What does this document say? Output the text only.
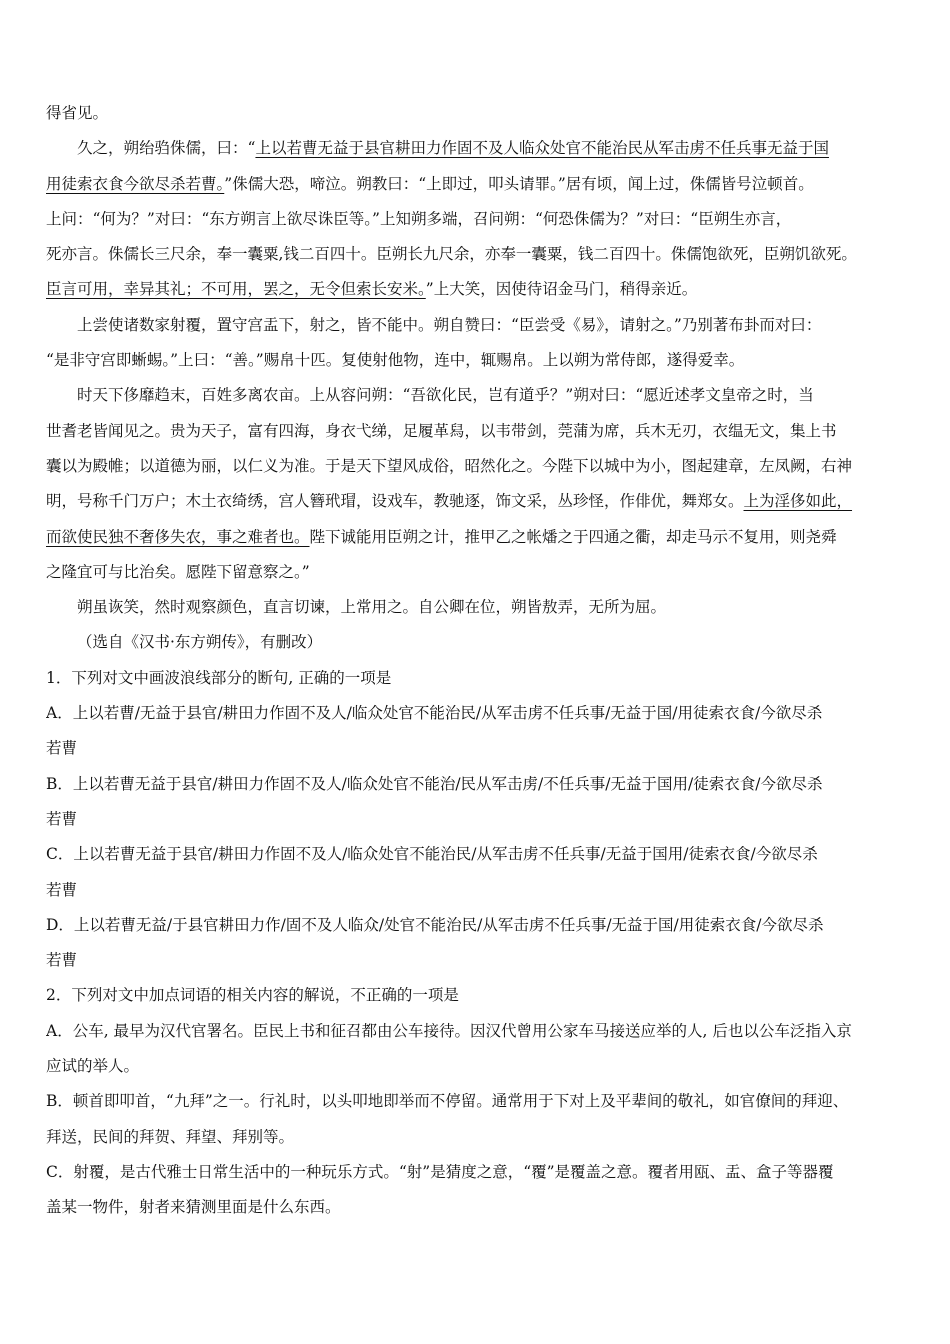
得省见。
久之，朔绐驺侏儒，曰：“上以若曹无益于县官耕田力作固不及人临众处官不能治民从军击虏不任兵事无益于国
用徒索衣食今欲尽杀若曹。”侏儒大恐，啼泣。朔教曰：“上即过，叩头请罪。”居有顷，闻上过，侏儒皆号泣顿首。
上问：“何为？”对曰：“东方朔言上欲尽诛臣等。”上知朔多端，召问朔：“何恐侏儒为？”对曰：“臣朔生亦言，
死亦言。侏儒长三尺余，奉一囊粟,钱二百四十。臣朔长九尺余，亦奉一囊粟，钱二百四十。侏儒饱欲死，臣朔饥欲死。
臣言可用，幸异其礼；不可用，罢之，无令但索长安米。”上大笑，因使待诏金马门，稍得亲近。
上尝使诸数家射覆，置守宫盂下，射之，皆不能中。朔自赞曰：“臣尝受《易》，请射之。”乃别著布卦而对曰：
“是非守宫即蜥蜴。”上曰：“善。”赐帛十匹。复使射他物，连中，辄赐帛。上以朔为常侍郎，遂得爱幸。
时天下侈靡趋末，百姓多离农亩。上从容问朔：“吾欲化民，岂有道乎？”朔对曰：“愿近述孝文皇帝之时，当
世耆老皆闻见之。贵为天子，富有四海，身衣弋绨，足履革舄，以韦带剑，莞蒲为席，兵木无刃，衣缊无文，集上书
囊以为殿帷；以道德为丽，以仁义为准。于是天下望风成俗，昭然化之。今陛下以城中为小，图起建章，左凤阙，右神
明，号称千门万户；木土衣绮绣，宫人簪玳瑁，设戏车，教驰逐，饰文采，丛珍怪，作俳优，舞郑女。上为淫侈如此，
而欲使民独不奢侈失农，事之难者也。陛下诚能用臣朔之计，推甲乙之帐燔之于四通之衢，却走马示不复用，则尧舜
之隆宜可与比治矣。愿陛下留意察之。”
朔虽诙笑，然时观察颜色，直言切谏，上常用之。自公卿在位，朔皆敖弄，无所为屈。
（选自《汉书·东方朔传》，有删改）
1．下列对文中画波浪线部分的断句, 正确的一项是
A．上以若曹/无益于县官/耕田力作固不及人/临众处官不能治民/从军击虏不任兵事/无益于国/用徒索衣食/今欲尽杀
若曹
B．上以若曹无益于县官/耕田力作固不及人/临众处官不能治/民从军击虏/不任兵事/无益于国用/徒索衣食/今欲尽杀
若曹
C．上以若曹无益于县官/耕田力作固不及人/临众处官不能治民/从军击虏不任兵事/无益于国用/徒索衣食/今欲尽杀
若曹
D．上以若曹无益/于县官耕田力作/固不及人临众/处官不能治民/从军击虏不任兵事/无益于国/用徒索衣食/今欲尽杀
若曹
2．下列对文中加点词语的相关内容的解说，不正确的一项是
A．公车, 最早为汉代官署名。臣民上书和征召都由公车接待。因汉代曾用公家车马接送应举的人, 后也以公车泛指入京
应试的举人。
B．顿首即叩首，“九拜”之一。行礼时，以头叩地即举而不停留。通常用于下对上及平辈间的敬礼，如官僚间的拜迎、
拜送，民间的拜贺、拜望、拜别等。
C．射覆，是古代雅士日常生活中的一种玩乐方式。“射”是猜度之意，“覆”是覆盖之意。覆者用瓯、盂、盒子等器覆
盖某一物件，射者来猜测里面是什么东西。
